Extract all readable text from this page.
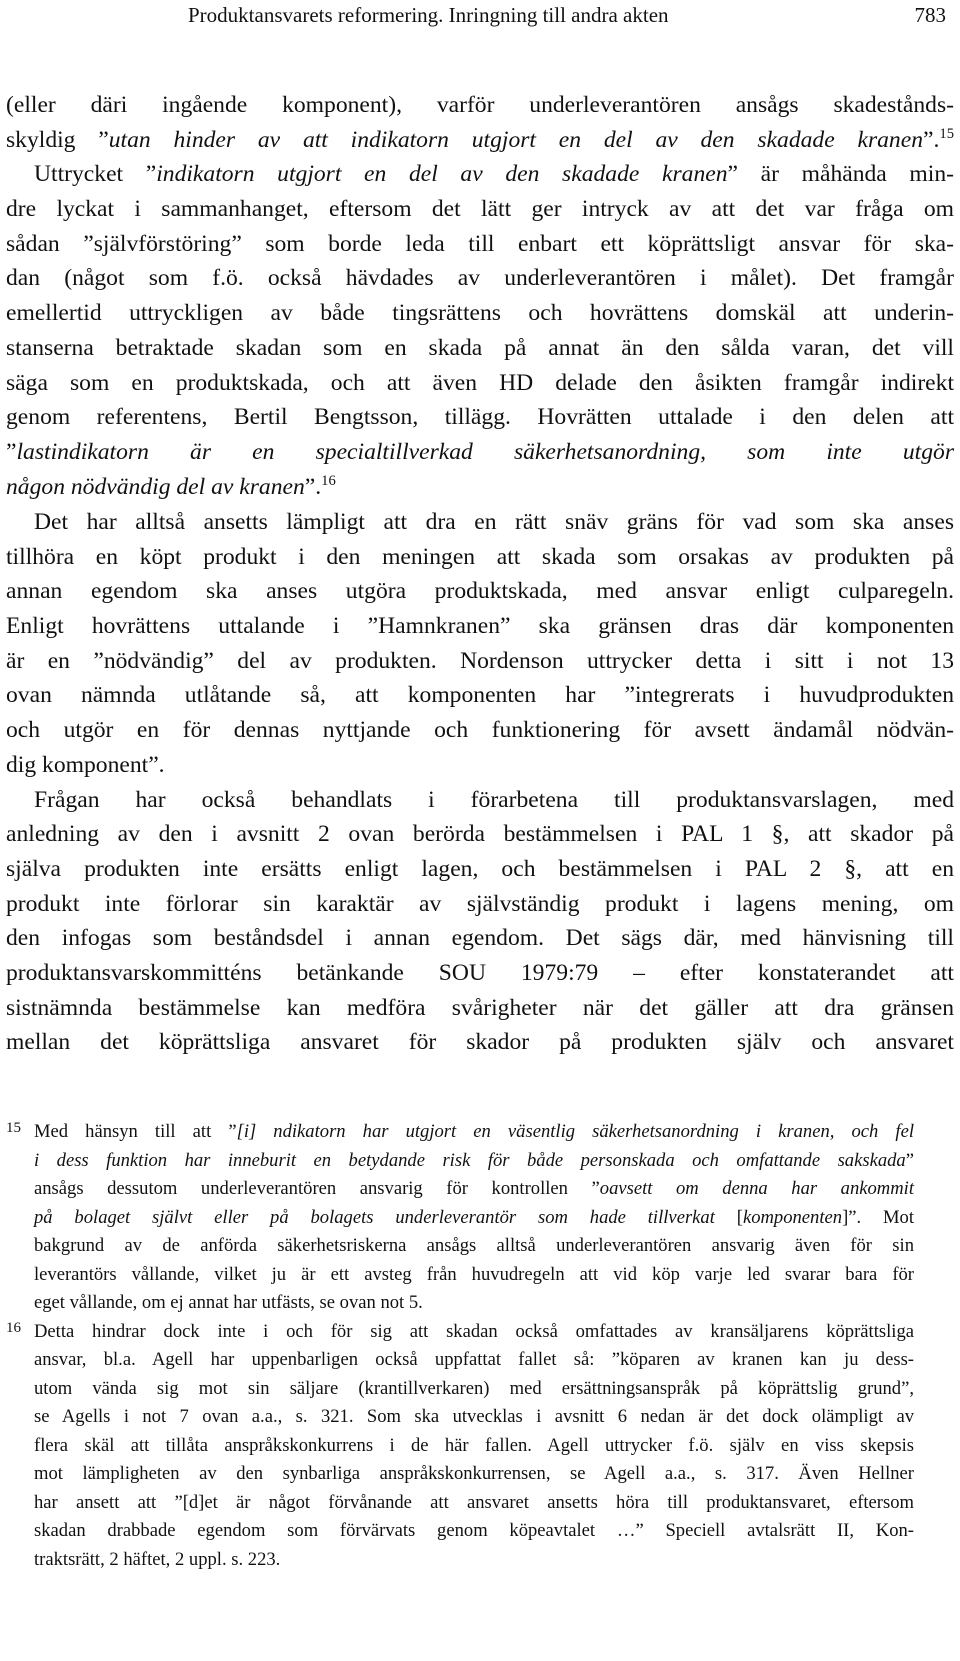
Produktansvarets reformering. Inringning till andra akten	783
(eller däri ingående komponent), varför underleverantören ansågs skadestånds-
skyldig ”utan hinder av att indikatorn utgjort en del av den skadade kranen”.$^{15}$
Uttrycket ”indikatorn utgjort en del av den skadade kranen” är måhända min-
dre lyckat i sammanhanget, eftersom det lätt ger intryck av att det var fråga om
sådan ”självförstöring” som borde leda till enbart ett köprättsligt ansvar för ska-
dan (något som f.ö. också hävdades av underleverantören i målet). Det framgår
emellertid uttryckligen av både tingsrättens och hovrättens domskäl att underin-
stanserna betraktade skadan som en skada på annat än den sålda varan, det vill
säga som en produktskada, och att även HD delade den åsikten framgår indirekt
genom referentens, Bertil Bengtsson, tillägg. Hovrätten uttalade i den delen att
”lastindikatorn är en specialtillverkad säkerhetsanordning, som inte utgör
någon nödvändig del av kranen”.$^{16}$
Det har alltså ansetts lämpligt att dra en rätt snäv gräns för vad som ska anses
tillhöra en köpt produkt i den meningen att skada som orsakas av produkten på
annan egendom ska anses utgöra produktskada, med ansvar enligt culparegeln.
Enligt hovrättens uttalande i ”Hamnkranen” ska gränsen dras där komponenten
är en ”nödvändig” del av produkten. Nordenson uttrycker detta i sitt i not 13
ovan nämnda utlåtande så, att komponenten har ”integrerats i huvudprodukten
och utgör en för dennas nyttjande och funktionering för avsett ändamål nödvän-
dig komponent”.
Frågan har också behandlats i förarbetena till produktansvarslagen, med
anledning av den i avsnitt 2 ovan berörda bestämmelsen i PAL 1 §, att skador på
själva produkten inte ersätts enligt lagen, och bestämmelsen i PAL 2 §, att en
produkt inte förlorar sin karaktär av självständig produkt i lagens mening, om
den infogas som beståndsdel i annan egendom. Det sägs där, med hänvisning till
produktansvarskommitténs betänkande SOU 1979:79 – efter konstaterandet att
sistnämnda bestämmelse kan medföra svårigheter när det gäller att dra gränsen
mellan det köprättsliga ansvaret för skador på produkten själv och ansvaret
15 Med hänsyn till att ”[i] ndikatorn har utgjort en väsentlig säkerhetsanordning i kranen, och fel
i dess funktion har inneburit en betydande risk för både personskada och omfattande sakskada”
ansågs dessutom underleverantören ansvarig för kontrollen ”oavsett om denna har ankommit
på bolaget självt eller på bolagets underleverantör som hade tillverkat [komponenten]”. Mot
bakgrund av de anförda säkerhetsriskerna ansågs alltså underleverantören ansvarig även för sin
leverantörs vållande, vilket ju är ett avsteg från huvudregeln att vid köp varje led svarar bara för
eget vållande, om ej annat har utfästs, se ovan not 5.
16 Detta hindrar dock inte i och för sig att skadan också omfattades av kransäljarens köprättsliga
ansvar, bl.a. Agell har uppenbarligen också uppfattat fallet så: ”köparen av kranen kan ju dess-
utom vända sig mot sin säljare (krantillverkaren) med ersättningsanspråk på köprättslig grund”,
se Agells i not 7 ovan a.a., s. 321. Som ska utvecklas i avsnitt 6 nedan är det dock olämpligt av
flera skäl att tillåta anspråkskonkurrens i de här fallen. Agell uttrycker f.ö. själv en viss skepsis
mot lämpligheten av den synbarliga anspråkskonkurrensen, se Agell a.a., s. 317. Även Hellner
har ansett att ”[d]et är något förvånande att ansvaret ansetts höra till produktansvaret, eftersom
skadan drabbade egendom som förvärvats genom köpeavtalet …” Speciell avtalsrätt II, Kon-
traktsrätt, 2 häftet, 2 uppl. s. 223.
